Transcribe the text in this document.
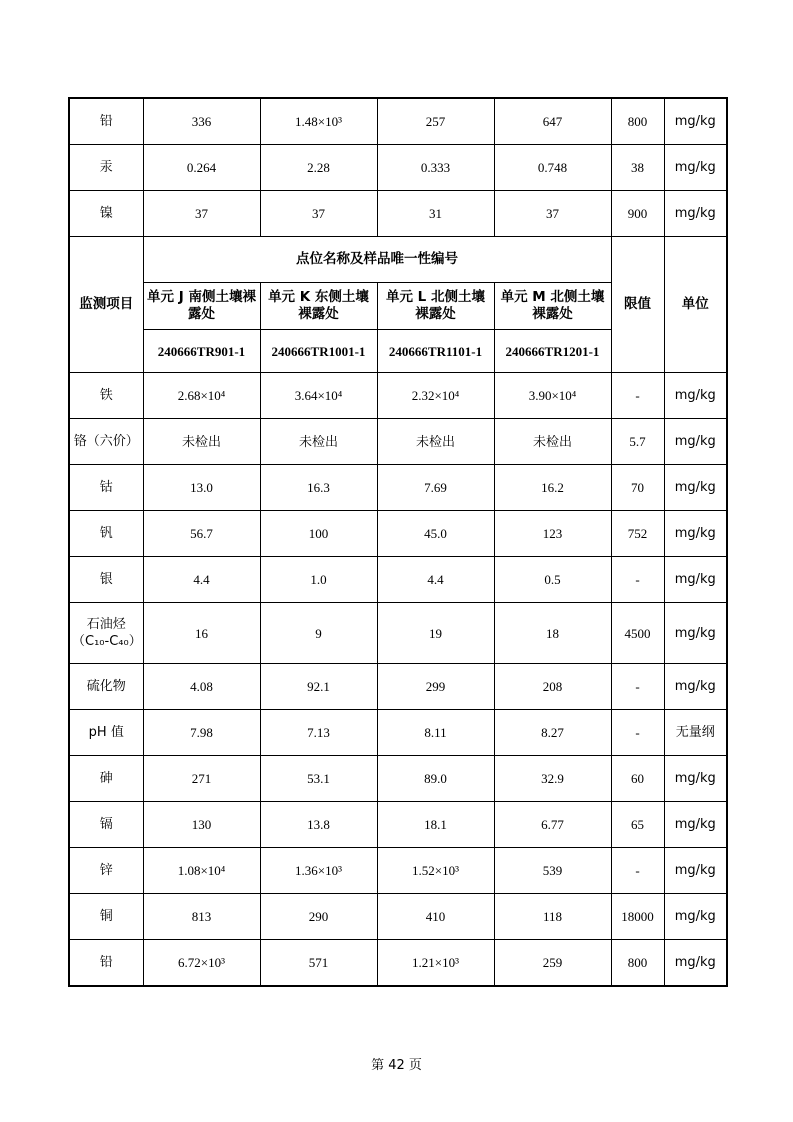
铅	336	1.48×10³	257	647	800	mg/kg
汞	0.264	2.28	0.333	0.748	38	mg/kg
镍	37	37	31	37	900	mg/kg
监测项目	点位名称及样品唯一性编号				限值	单位
	单元 J 南侧土壤裸露处	单元 K 东侧土壤裸露处	单元 L 北侧土壤裸露处	单元 M 北侧土壤裸露处		
	240666TR901-1	240666TR1001-1	240666TR1101-1	240666TR1201-1		
铁	2.68×10⁴	3.64×10⁴	2.32×10⁴	3.90×10⁴	-	mg/kg
铬（六价）	未检出	未检出	未检出	未检出	5.7	mg/kg
钴	13.0	16.3	7.69	16.2	70	mg/kg
钒	56.7	100	45.0	123	752	mg/kg
银	4.4	1.0	4.4	0.5	-	mg/kg
石油烃（C₁₀-C₄₀）	16	9	19	18	4500	mg/kg
硫化物	4.08	92.1	299	208	-	mg/kg
pH 值	7.98	7.13	8.11	8.27	-	无量纲
砷	271	53.1	89.0	32.9	60	mg/kg
镉	130	13.8	18.1	6.77	65	mg/kg
锌	1.08×10⁴	1.36×10³	1.52×10³	539	-	mg/kg
铜	813	290	410	118	18000	mg/kg
铅	6.72×10³	571	1.21×10³	259	800	mg/kg
第 42 页
